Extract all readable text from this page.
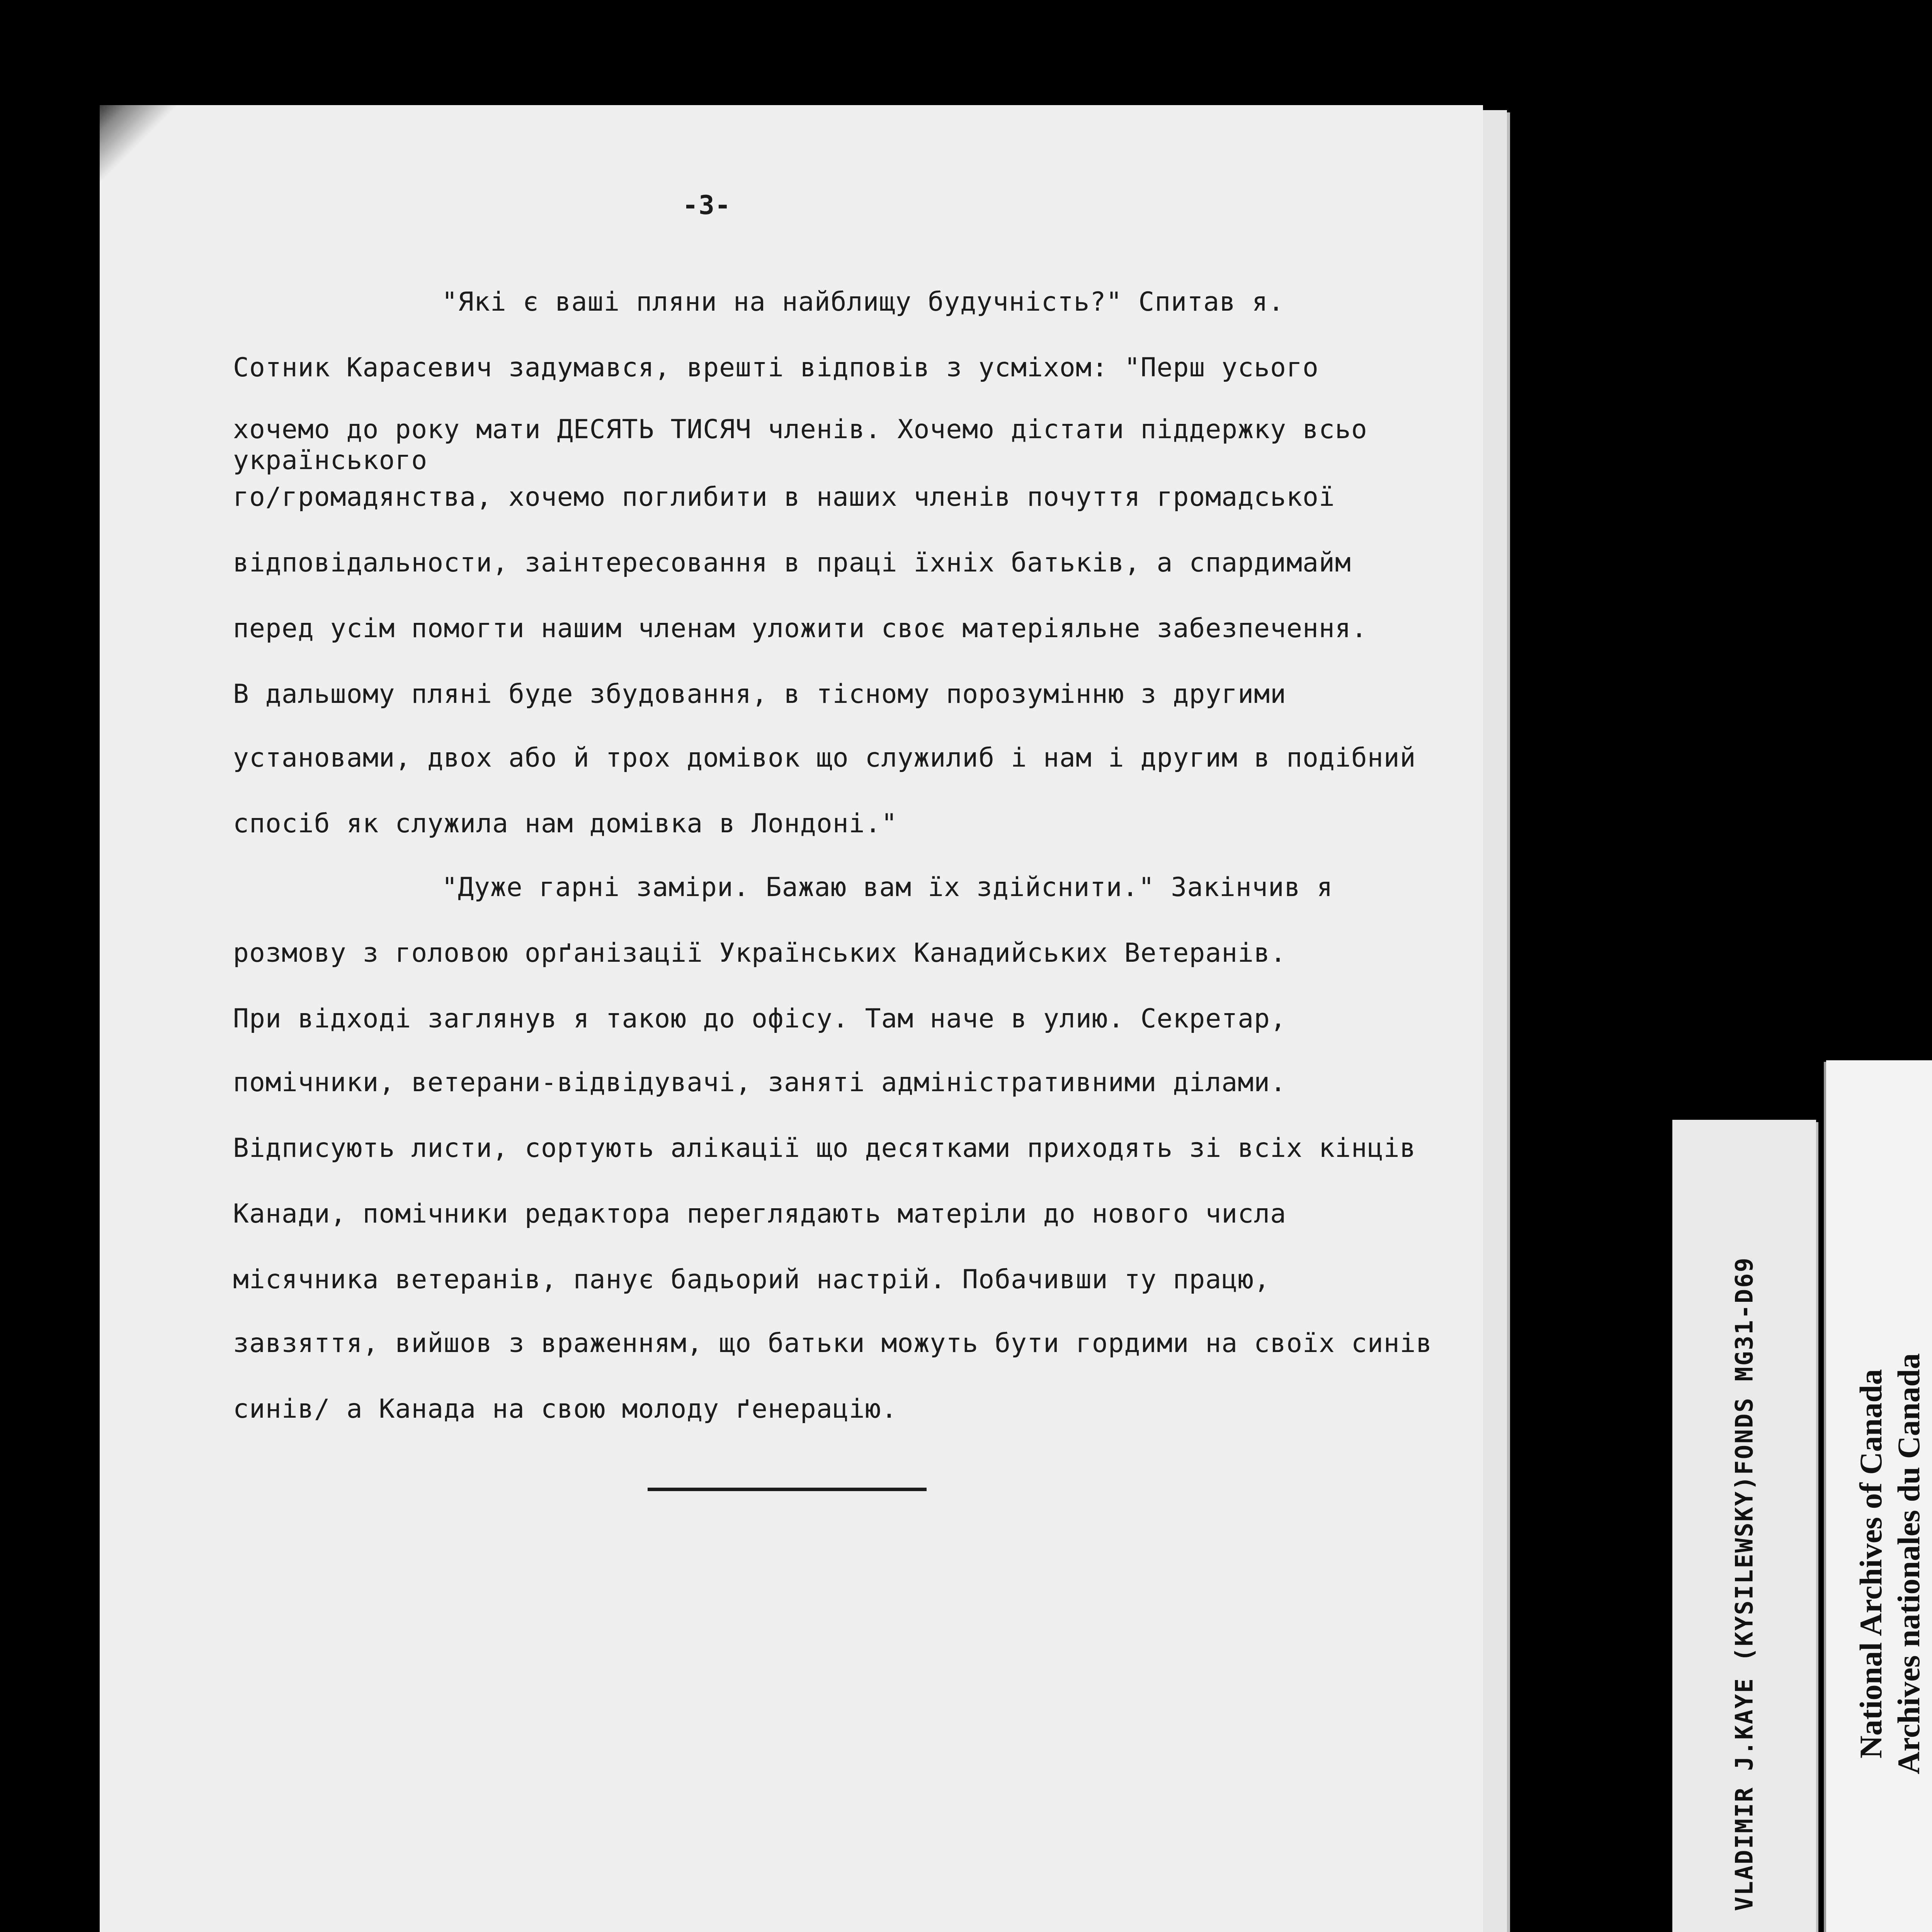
-3-
"Які є ваші пляни на найблищу будучність?" Спитав я.
Сотник Карасевич задумався, врешті відповів з усміхом: "Перш усього
хочемо до року мати ДЕСЯТЬ ТИСЯЧ членів. Хочемо дістати піддержку всьо
українського
го/громадянства, хочемо поглибити в наших членів почуття громадської
відповідальности, заінтересовання в праці їхніх батьків, а спардимайм
перед усім помогти нашим членам уложити своє матеріяльне забезпечення.
В дальшому пляні буде збудовання, в тісному порозумінню з другими
установами, двох або й трох домівок що служилиб і нам і другим в подібний
спосіб як служила нам домівка в Лондоні."
"Дуже гарні заміри. Бажаю вам їх здійснити." Закінчив я
розмову з головою орґанізації Українських Канадийських Ветеранів.
При відході заглянув я такою до офісу. Там наче в улию. Секретар,
помічники, ветерани-відвідувачі, заняті адміністративними ділами.
Відписують листи, сортують алікації що десятками приходять зі всіх кінців
Канади, помічники редактора переглядають матеріли до нового числа
місячника ветеранів, панує бадьорий настрій. Побачивши ту працю,
завзяття, вийшов з враженням, що батьки можуть бути гордими на своїх синів
синів/ а Канада на свою молоду ґенерацію.	VLADIMIR J.KAYE (KYSILEWSKY)FONDS MG31-D69	National Archives of Canada Archives nationales du Canada
